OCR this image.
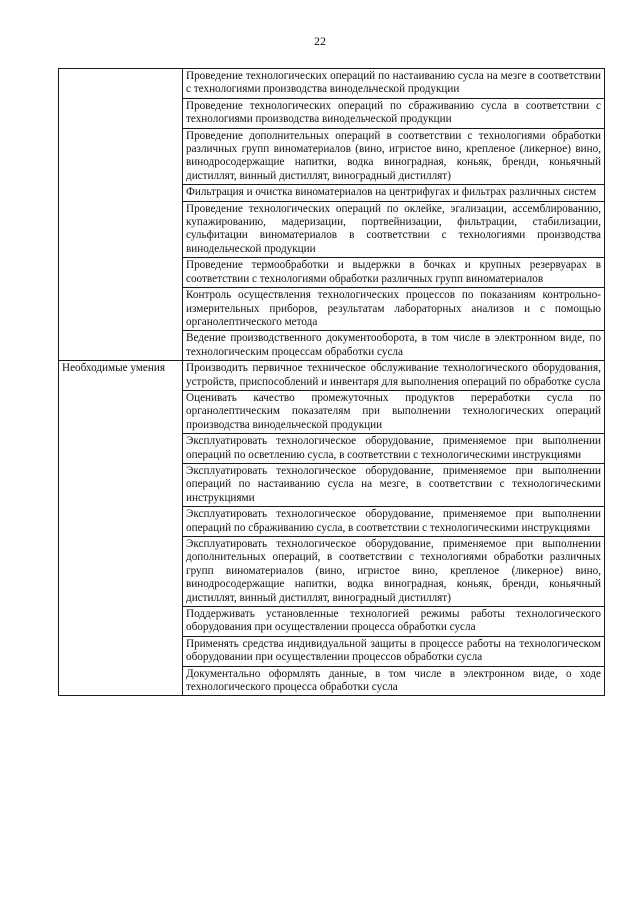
22
	Проведение технологических операций по настаиванию сусла на мезге в соответствии с технологиями производства винодельческой продукции
	Проведение технологических операций по сбраживанию сусла в соответствии с технологиями производства винодельческой продукции
	Проведение дополнительных операций в соответствии с технологиями обработки различных групп виноматериалов (вино, игристое вино, крепленое (ликерное) вино, винодросодержащие напитки, водка виноградная, коньяк, бренди, коньячный дистиллят, винный дистиллят, виноградный дистиллят)
	Фильтрация и очистка виноматериалов на центрифугах и фильтрах различных систем
	Проведение технологических операций по оклейке, эгализации, ассемблированию, купажированию, мадеризации, портвейнизации, фильтрации, стабилизации, сульфитации виноматериалов в соответствии с технологиями производства винодельческой продукции
	Проведение термообработки и выдержки в бочках и крупных резервуарах в соответствии с технологиями обработки различных групп виноматериалов
	Контроль осуществления технологических процессов по показаниям контрольно-измерительных приборов, результатам лабораторных анализов и с помощью органолептического метода
	Ведение производственного документооборота, в том числе в электронном виде, по технологическим процессам обработки сусла
Необходимые умения	Производить первичное техническое обслуживание технологического оборудования, устройств, приспособлений и инвентаря для выполнения операций по обработке сусла
	Оценивать качество промежуточных продуктов переработки сусла по органолептическим показателям при выполнении технологических операций производства винодельческой продукции
	Эксплуатировать технологическое оборудование, применяемое при выполнении операций по осветлению сусла, в соответствии с технологическими инструкциями
	Эксплуатировать технологическое оборудование, применяемое при выполнении операций по настаиванию сусла на мезге, в соответствии с технологическими инструкциями
	Эксплуатировать технологическое оборудование, применяемое при выполнении операций по сбраживанию сусла, в соответствии с технологическими инструкциями
	Эксплуатировать технологическое оборудование, применяемое при выполнении дополнительных операций, в соответствии с технологиями обработки различных групп виноматериалов (вино, игристое вино, крепленое (ликерное) вино, винодросодержащие напитки, водка виноградная, коньяк, бренди, коньячный дистиллят, винный дистиллят, виноградный дистиллят)
	Поддерживать установленные технологией режимы работы технологического оборудования при осуществлении процесса обработки сусла
	Применять средства индивидуальной защиты в процессе работы на технологическом оборудовании при осуществлении процессов обработки сусла
	Документально оформлять данные, в том числе в электронном виде, о ходе технологического процесса обработки сусла
